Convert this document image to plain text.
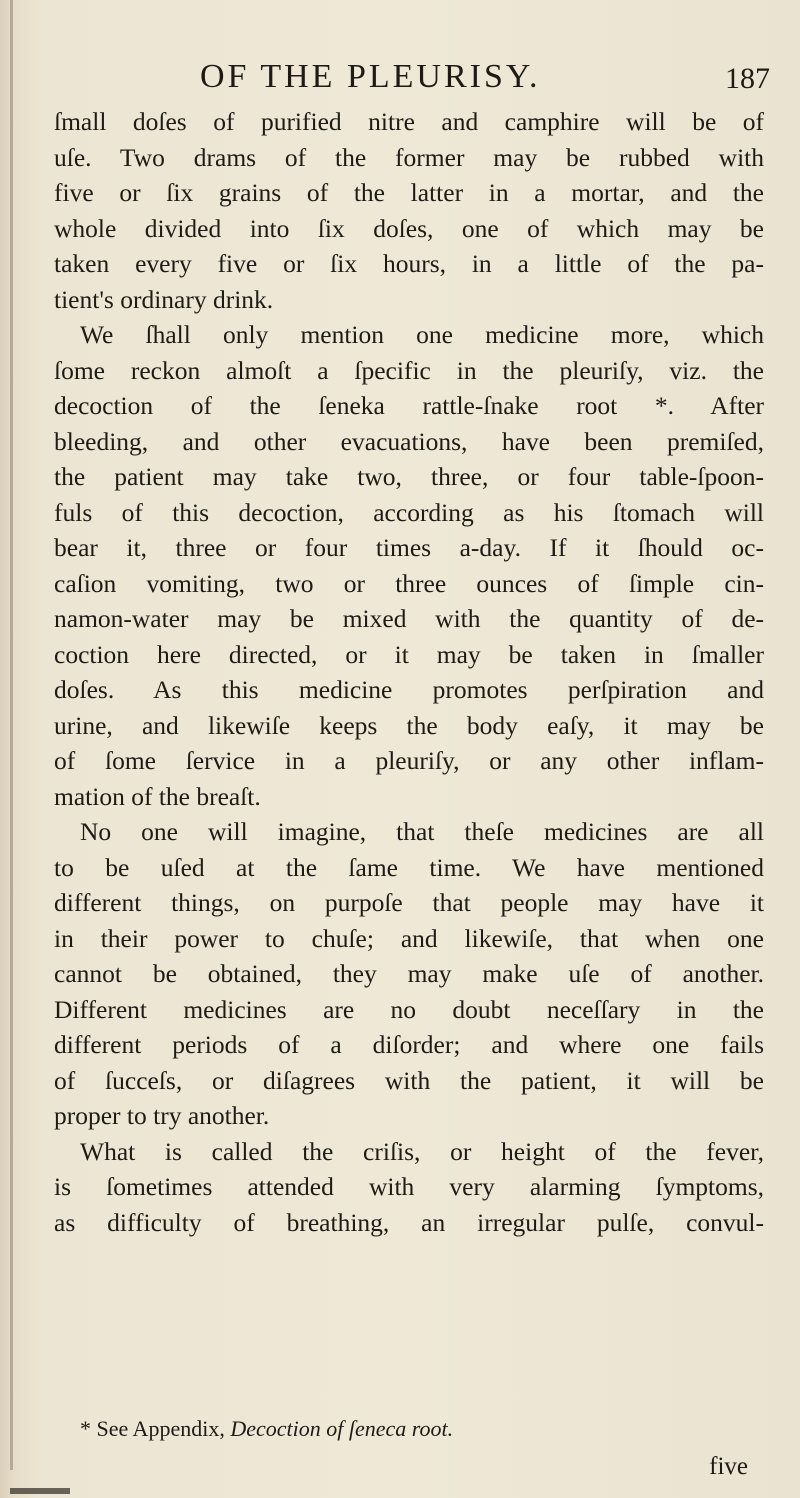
OF THE PLEURISY.	187
ſmall doſes of purified nitre and camphire will be of
uſe. Two drams of the former may be rubbed with
five or ſix grains of the latter in a mortar, and the
whole divided into ſix doſes, one of which may be
taken every five or ſix hours, in a little of the pa-
tient's ordinary drink.
We ſhall only mention one medicine more, which
ſome reckon almoſt a ſpecific in the pleuriſy, viz. the
decoction of the ſeneka rattle-ſnake root *. After
bleeding, and other evacuations, have been premiſed,
the patient may take two, three, or four table-ſpoon-
fuls of this decoction, according as his ſtomach will
bear it, three or four times a-day. If it ſhould oc-
caſion vomiting, two or three ounces of ſimple cin-
namon-water may be mixed with the quantity of de-
coction here directed, or it may be taken in ſmaller
doſes. As this medicine promotes perſpiration and
urine, and likewiſe keeps the body eaſy, it may be
of ſome ſervice in a pleuriſy, or any other inflam-
mation of the breaſt.
No one will imagine, that theſe medicines are all
to be uſed at the ſame time. We have mentioned
different things, on purpoſe that people may have it
in their power to chuſe; and likewiſe, that when one
cannot be obtained, they may make uſe of another.
Different medicines are no doubt neceſſary in the
different periods of a diſorder; and where one fails
of ſucceſs, or diſagrees with the patient, it will be
proper to try another.
What is called the criſis, or height of the fever,
is ſometimes attended with very alarming ſymptoms,
as difficulty of breathing, an irregular pulſe, convul-
* See Appendix, Decoction of ſeneca root.
five
